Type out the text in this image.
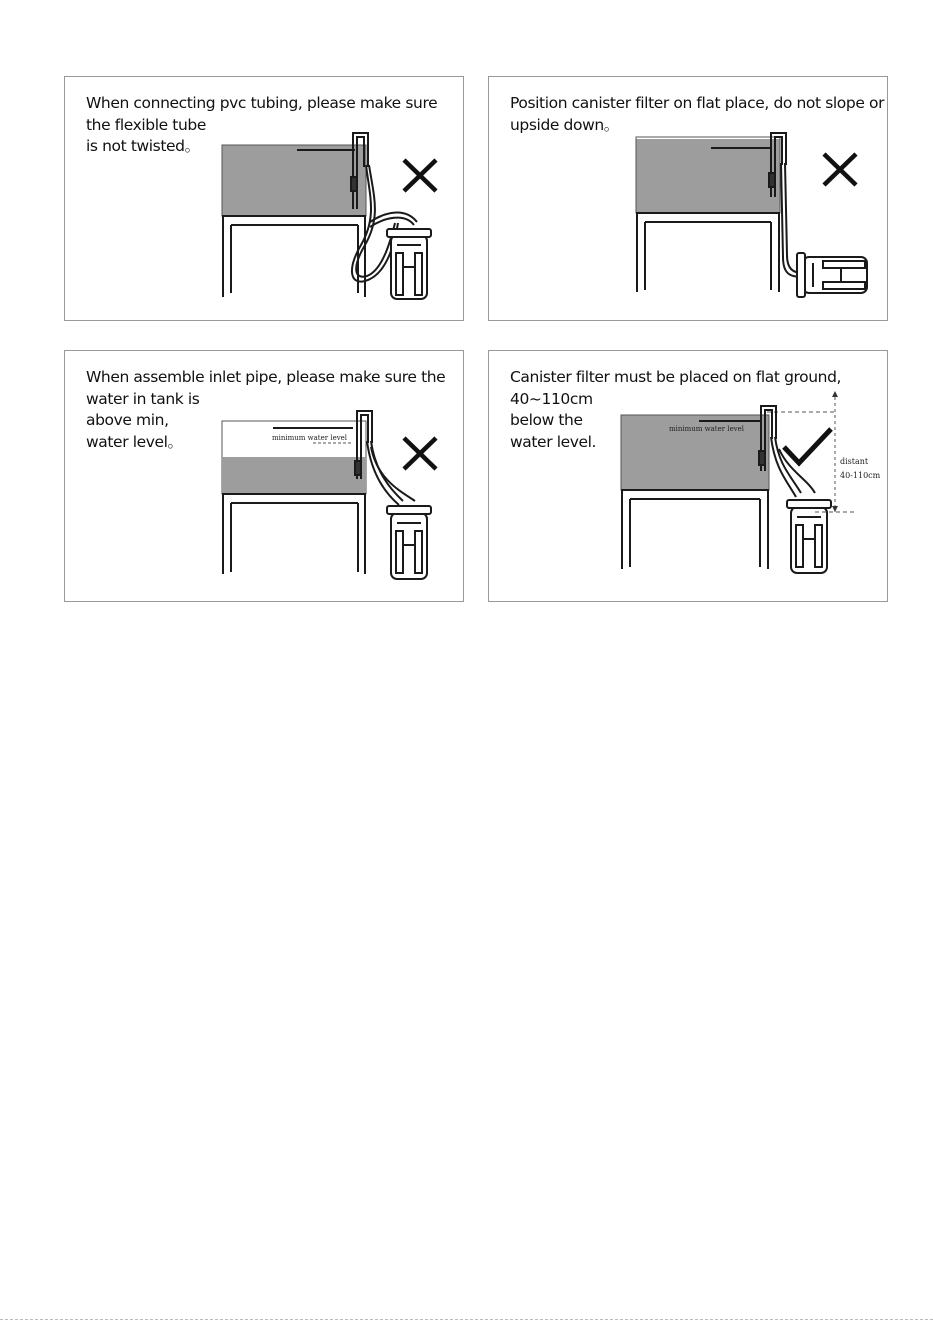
When connecting pvc tubing, please make sure
the flexible tube
is not twisted。

Position canister filter on flat place, do not slope or
upside down。

When assemble inlet pipe, please make sure the
water in tank is
above min,
water level。	minimum water level

Canister filter must be placed on flat ground,
40~110cm
below the
water level.

minimum water level
distant
40-110cm
